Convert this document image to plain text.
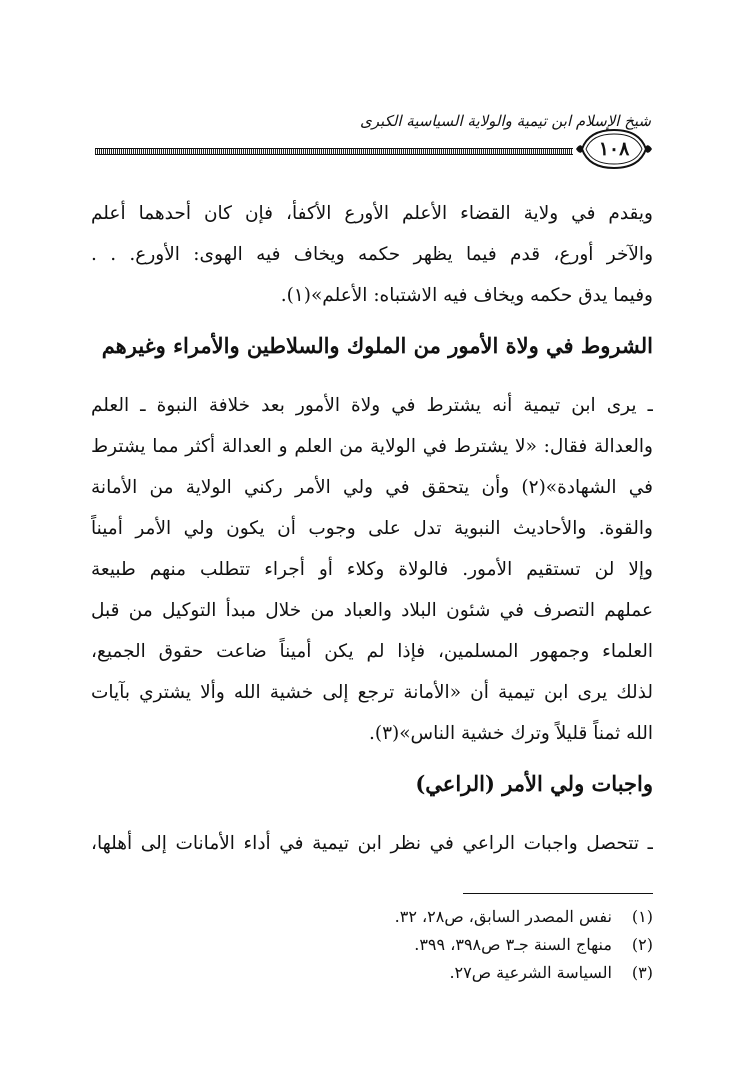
شيخ الإسلام ابن تيمية والولاية السياسية الكبرى
١٠٨
ويقدم في ولاية القضاء الأعلم الأورع الأكفأ، فإن كان أحدهما أعلم
والآخر أورع، قدم فيما يظهر حكمه ويخاف فيه الهوى: الأورع. . .
وفيما يدق حكمه ويخاف فيه الاشتباه: الأعلم»(١).
الشروط في ولاة الأمور من الملوك والسلاطين والأمراء وغيرهم
ـ يرى ابن تيمية أنه يشترط في ولاة الأمور بعد خلافة النبوة ـ العلم
والعدالة فقال: «لا يشترط في الولاية من العلم و العدالة أكثر مما يشترط
في الشهادة»(٢) وأن يتحقق في ولي الأمر ركني الولاية من الأمانة
والقوة. والأحاديث النبوية تدل على وجوب أن يكون ولي الأمر أميناً
وإلا لن تستقيم الأمور. فالولاة وكلاء أو أجراء تتطلب منهم طبيعة
عملهم التصرف في شئون البلاد والعباد من خلال مبدأ التوكيل من قبل
العلماء وجمهور المسلمين، فإذا لم يكن أميناً ضاعت حقوق الجميع،
لذلك يرى ابن تيمية أن «الأمانة ترجع إلى خشية الله وألا يشتري بآيات
الله ثمناً قليلاً وترك خشية الناس»(٣).
واجبات ولي الأمر (الراعي)
ـ تتحصل واجبات الراعي في نظر ابن تيمية في أداء الأمانات إلى أهلها،
(١) نفس المصدر السابق، ص٢٨، ٣٢.
(٢) منهاج السنة جـ٣ ص٣٩٨، ٣٩٩.
(٣) السياسة الشرعية ص٢٧.
